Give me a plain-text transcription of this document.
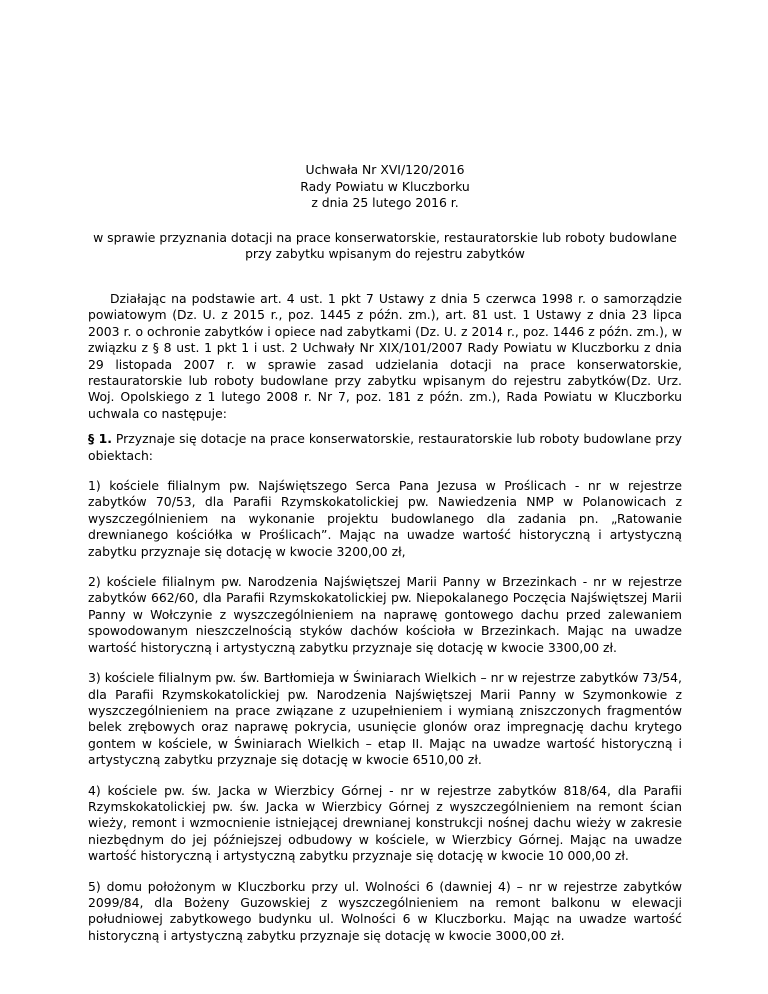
Uchwała Nr XVI/120/2016
Rady Powiatu w Kluczborku
z dnia 25 lutego 2016 r.
w sprawie przyznania dotacji na prace konserwatorskie, restauratorskie lub roboty budowlane przy zabytku wpisanym do rejestru zabytków
Działając na podstawie art. 4 ust. 1 pkt 7 Ustawy z dnia 5 czerwca 1998 r. o samorządzie powiatowym (Dz. U. z 2015 r., poz. 1445 z późn. zm.), art. 81 ust. 1 Ustawy z dnia 23 lipca 2003 r. o ochronie zabytków i opiece nad zabytkami (Dz. U. z 2014 r., poz. 1446 z późn. zm.), w związku z § 8 ust. 1 pkt 1 i ust. 2 Uchwały Nr XIX/101/2007 Rady Powiatu w Kluczborku z dnia 29 listopada 2007 r. w sprawie zasad udzielania dotacji na prace konserwatorskie, restauratorskie lub roboty budowlane przy zabytku wpisanym do rejestru zabytków(Dz. Urz. Woj. Opolskiego z 1 lutego 2008 r. Nr 7, poz. 181 z późn. zm.), Rada Powiatu w Kluczborku uchwala co następuje:
§ 1. Przyznaje się dotacje na prace konserwatorskie, restauratorskie lub roboty budowlane przy obiektach:
1) kościele filialnym pw. Najświętszego Serca Pana Jezusa w Proślicach - nr w rejestrze zabytków 70/53, dla Parafii Rzymskokatolickiej pw. Nawiedzenia NMP w Polanowicach z wyszczególnieniem na wykonanie projektu budowlanego dla zadania pn. „Ratowanie drewnianego kościółka w Proślicach”. Mając na uwadze wartość historyczną i artystyczną zabytku przyznaje się dotację w kwocie 3200,00 zł,
2) kościele filialnym pw. Narodzenia Najświętszej Marii Panny w Brzezinkach - nr w rejestrze zabytków 662/60, dla Parafii Rzymskokatolickiej pw. Niepokalanego Poczęcia Najświętszej Marii Panny w Wołczynie z wyszczególnieniem na naprawę gontowego dachu przed zalewaniem spowodowanym nieszczelnością styków dachów kościoła w Brzezinkach. Mając na uwadze wartość historyczną i artystyczną zabytku przyznaje się dotację w kwocie 3300,00 zł.
3) kościele filialnym pw. św. Bartłomieja w Świniarach Wielkich – nr w rejestrze zabytków 73/54, dla Parafii Rzymskokatolickiej pw. Narodzenia Najświętszej Marii Panny w Szymonkowie z wyszczególnieniem na prace związane z uzupełnieniem i wymianą zniszczonych fragmentów belek zrębowych oraz naprawę pokrycia, usunięcie glonów oraz impregnację dachu krytego gontem w kościele, w Świniarach Wielkich – etap II. Mając na uwadze wartość historyczną i artystyczną zabytku przyznaje się dotację w kwocie 6510,00 zł.
4) kościele pw. św. Jacka w Wierzbicy Górnej - nr w rejestrze zabytków 818/64, dla Parafii Rzymskokatolickiej pw. św. Jacka w Wierzbicy Górnej z wyszczególnieniem na remont ścian wieży, remont i wzmocnienie istniejącej drewnianej konstrukcji nośnej dachu wieży w zakresie niezbędnym do jej późniejszej odbudowy w kościele, w Wierzbicy Górnej. Mając na uwadze wartość historyczną i artystyczną zabytku przyznaje się dotację w kwocie 10 000,00 zł.
5) domu położonym w Kluczborku przy ul. Wolności 6 (dawniej 4) – nr w rejestrze zabytków 2099/84, dla Bożeny Guzowskiej z wyszczególnieniem na remont balkonu w elewacji południowej zabytkowego budynku ul. Wolności 6 w Kluczborku. Mając na uwadze wartość historyczną i artystyczną zabytku przyznaje się dotację w kwocie 3000,00 zł.
